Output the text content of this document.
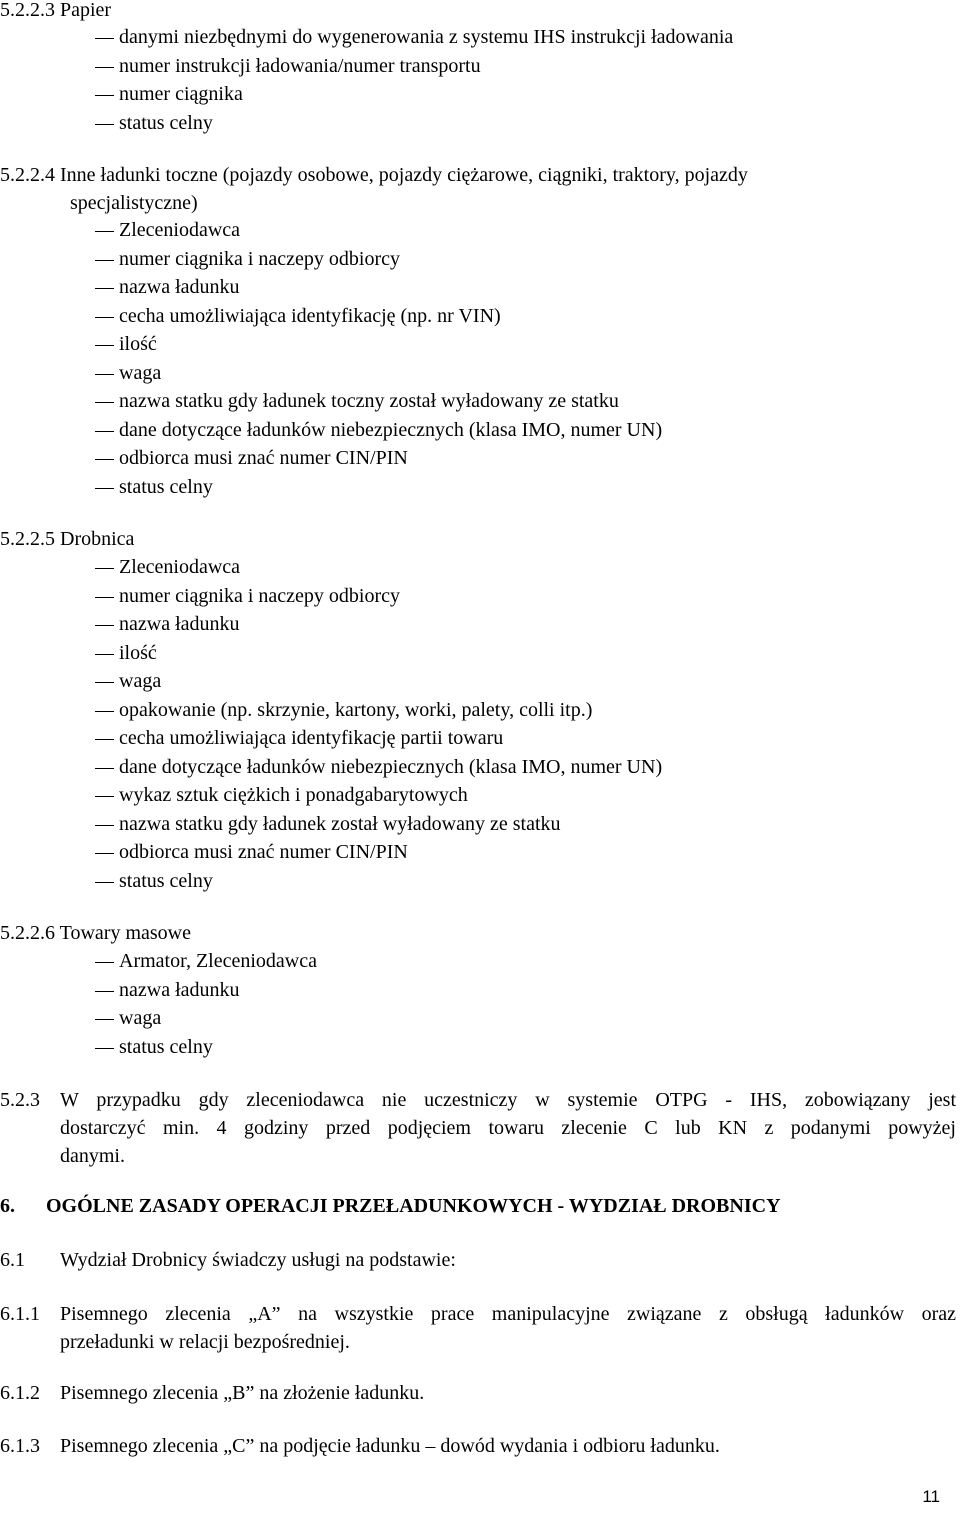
5.2.2.3 Papier
danymi niezbędnymi do wygenerowania z systemu IHS instrukcji ładowania
numer instrukcji ładowania/numer transportu
numer ciągnika
status celny
5.2.2.4 Inne ładunki toczne (pojazdy osobowe, pojazdy ciężarowe, ciągniki, traktory, pojazdy
specjalistyczne)
Zleceniodawca
numer ciągnika i naczepy odbiorcy
nazwa ładunku
cecha umożliwiająca identyfikację (np. nr VIN)
ilość
waga
nazwa statku gdy ładunek toczny został wyładowany ze statku
dane dotyczące ładunków niebezpiecznych (klasa IMO, numer UN)
odbiorca musi znać numer CIN/PIN
status celny
5.2.2.5 Drobnica
Zleceniodawca
numer ciągnika i naczepy odbiorcy
nazwa ładunku
ilość
waga
opakowanie (np. skrzynie, kartony, worki, palety, colli itp.)
cecha umożliwiająca identyfikację partii towaru
dane dotyczące ładunków niebezpiecznych (klasa IMO, numer UN)
wykaz sztuk ciężkich i ponadgabarytowych
nazwa statku gdy ładunek został wyładowany ze statku
odbiorca musi znać numer CIN/PIN
status celny
5.2.2.6 Towary masowe
Armator, Zleceniodawca
nazwa ładunku
waga
status celny
5.2.3 W przypadku gdy zleceniodawca nie uczestniczy w systemie OTPG - IHS, zobowiązany jest
dostarczyć min. 4 godziny przed podjęciem towaru zlecenie C lub KN z podanymi powyżej
danymi.
6. OGÓLNE ZASADY OPERACJI PRZEŁADUNKOWYCH - WYDZIAŁ DROBNICY
6.1 Wydział Drobnicy świadczy usługi na podstawie:
6.1.1 Pisemnego zlecenia „A” na wszystkie prace manipulacyjne związane z obsługą ładunków oraz
przeładunki w relacji bezpośredniej.
6.1.2 Pisemnego zlecenia „B” na złożenie ładunku.
6.1.3 Pisemnego zlecenia „C” na podjęcie ładunku – dowód wydania i odbioru ładunku.
11
